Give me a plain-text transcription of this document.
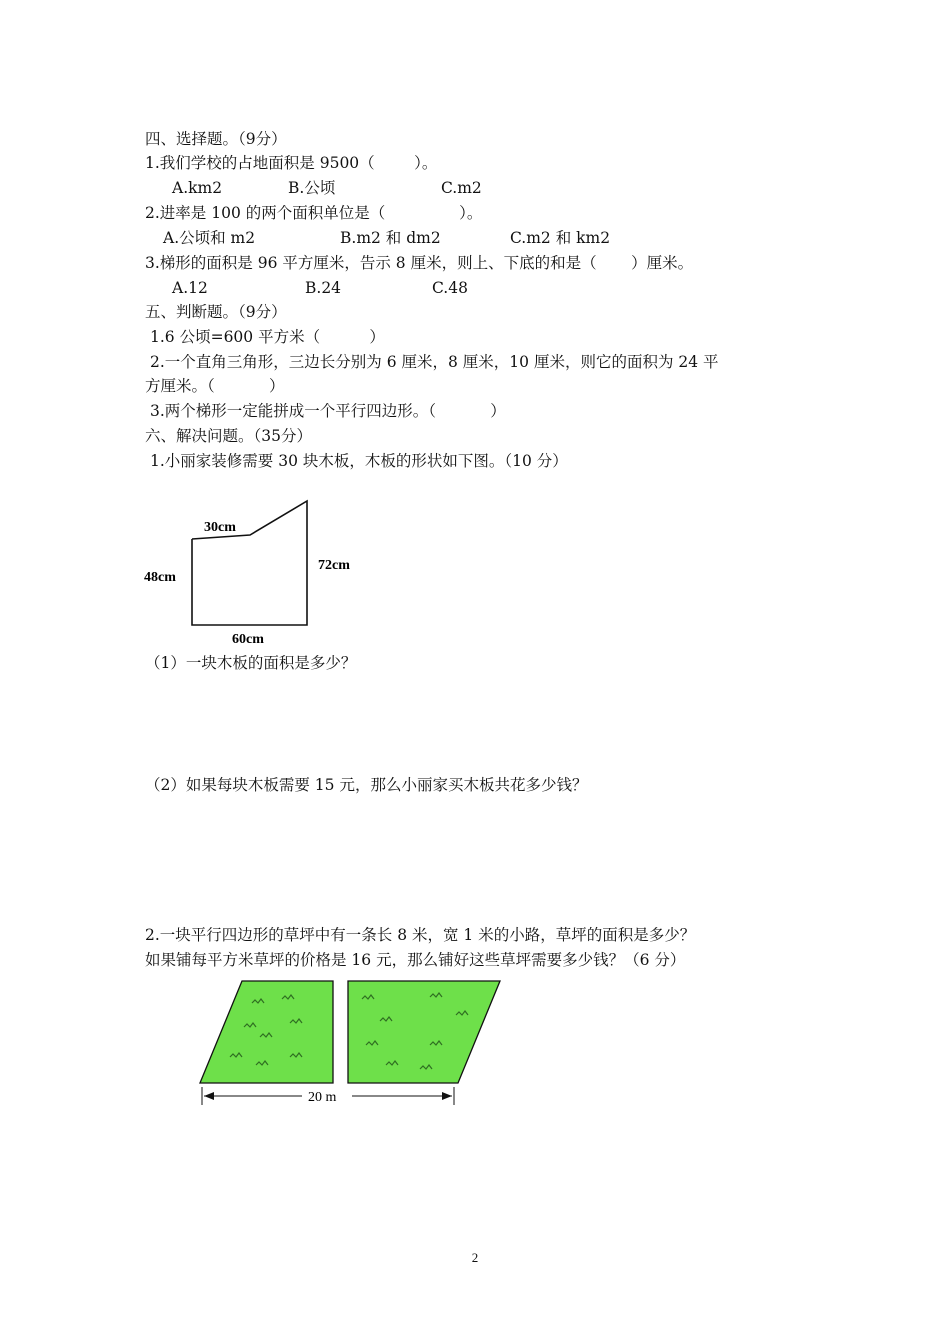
四、选择题。（9分）
1.我们学校的占地面积是 9500（        ）。
A.km2	B.公顷	C.m2
2.进率是 100 的两个面积单位是（               ）。
A.公顷和 m2	B.m2 和 dm2	C.m2 和 km2
3.梯形的面积是 96 平方厘米，告示 8 厘米，则上、下底的和是（       ）厘米。
A.12	B.24	C.48
五、判断题。（9分）
1.6 公顷=600 平方米（          ）
2.一个直角三角形，三边长分别为 6 厘米，8 厘米，10 厘米，则它的面积为 24 平
方厘米。（           ）
3.两个梯形一定能拼成一个平行四边形。（           ）
六、解决问题。（35分）
1.小丽家装修需要 30 块木板，木板的形状如下图。（10 分）
30cm
48cm
72cm
60cm
（1）一块木板的面积是多少？
（2）如果每块木板需要 15 元，那么小丽家买木板共花多少钱？
2.一块平行四边形的草坪中有一条长 8 米，宽 1 米的小路，草坪的面积是多少？
如果铺每平方米草坪的价格是 16 元，那么铺好这些草坪需要多少钱？（6 分）
20 m
2
